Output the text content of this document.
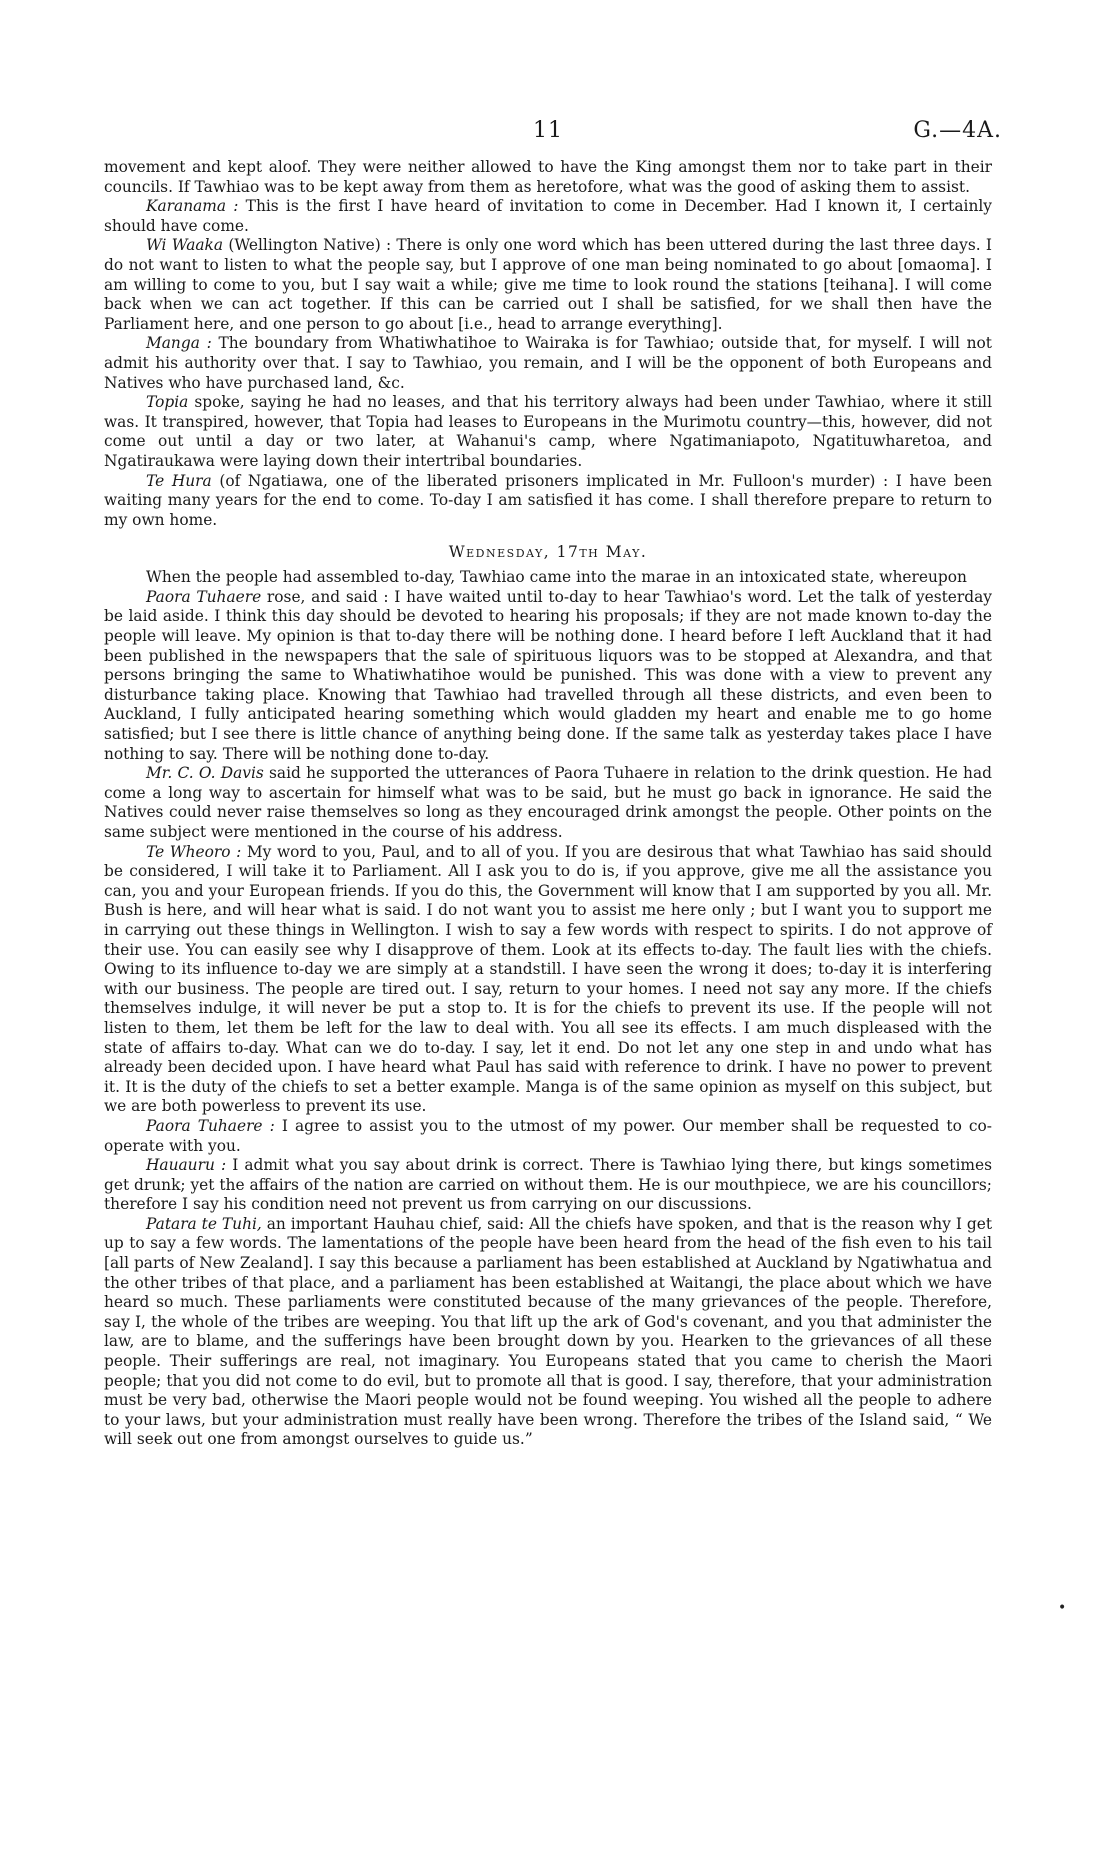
11	G.—4A.

movement and kept aloof. They were neither allowed to have the King amongst them nor to take part in their councils. If Tawhiao was to be kept away from them as heretofore, what was the good of asking them to assist.

Karanama : This is the first I have heard of invitation to come in December. Had I known it, I certainly should have come.

Wi Waaka (Wellington Native) : There is only one word which has been uttered during the last three days. I do not want to listen to what the people say, but I approve of one man being nominated to go about [omaoma]. I am willing to come to you, but I say wait a while; give me time to look round the stations [teihana]. I will come back when we can act together. If this can be carried out I shall be satisfied, for we shall then have the Parliament here, and one person to go about [i.e., head to arrange everything].

Manga : The boundary from Whatiwhatihoe to Wairaka is for Tawhiao; outside that, for myself. I will not admit his authority over that. I say to Tawhiao, you remain, and I will be the opponent of both Europeans and Natives who have purchased land, &c.

Topia spoke, saying he had no leases, and that his territory always had been under Tawhiao, where it still was. It transpired, however, that Topia had leases to Europeans in the Murimotu country—this, however, did not come out until a day or two later, at Wahanui's camp, where Ngatimaniapoto, Ngatituwharetoa, and Ngatiraukawa were laying down their intertribal boundaries.

Te Hura (of Ngatiawa, one of the liberated prisoners implicated in Mr. Fulloon's murder) : I have been waiting many years for the end to come. To-day I am satisfied it has come. I shall therefore prepare to return to my own home.

Wednesday, 17th May.

When the people had assembled to-day, Tawhiao came into the marae in an intoxicated state, whereupon

Paora Tuhaere rose, and said : I have waited until to-day to hear Tawhiao's word. Let the talk of yesterday be laid aside. I think this day should be devoted to hearing his proposals; if they are not made known to-day the people will leave. My opinion is that to-day there will be nothing done. I heard before I left Auckland that it had been published in the newspapers that the sale of spirituous liquors was to be stopped at Alexandra, and that persons bringing the same to Whatiwhatihoe would be punished. This was done with a view to prevent any disturbance taking place. Knowing that Tawhiao had travelled through all these districts, and even been to Auckland, I fully anticipated hearing something which would gladden my heart and enable me to go home satisfied; but I see there is little chance of anything being done. If the same talk as yesterday takes place I have nothing to say. There will be nothing done to-day.

Mr. C. O. Davis said he supported the utterances of Paora Tuhaere in relation to the drink question. He had come a long way to ascertain for himself what was to be said, but he must go back in ignorance. He said the Natives could never raise themselves so long as they encouraged drink amongst the people. Other points on the same subject were mentioned in the course of his address.

Te Wheoro : My word to you, Paul, and to all of you. If you are desirous that what Tawhiao has said should be considered, I will take it to Parliament. All I ask you to do is, if you approve, give me all the assistance you can, you and your European friends. If you do this, the Government will know that I am supported by you all. Mr. Bush is here, and will hear what is said. I do not want you to assist me here only ; but I want you to support me in carrying out these things in Wellington. I wish to say a few words with respect to spirits. I do not approve of their use. You can easily see why I disapprove of them. Look at its effects to-day. The fault lies with the chiefs. Owing to its influence to-day we are simply at a standstill. I have seen the wrong it does; to-day it is interfering with our business. The people are tired out. I say, return to your homes. I need not say any more. If the chiefs themselves indulge, it will never be put a stop to. It is for the chiefs to prevent its use. If the people will not listen to them, let them be left for the law to deal with. You all see its effects. I am much displeased with the state of affairs to-day. What can we do to-day. I say, let it end. Do not let any one step in and undo what has already been decided upon. I have heard what Paul has said with reference to drink. I have no power to prevent it. It is the duty of the chiefs to set a better example. Manga is of the same opinion as myself on this subject, but we are both powerless to prevent its use.

Paora Tuhaere : I agree to assist you to the utmost of my power. Our member shall be requested to co-operate with you.

Hauauru : I admit what you say about drink is correct. There is Tawhiao lying there, but kings sometimes get drunk; yet the affairs of the nation are carried on without them. He is our mouthpiece, we are his councillors; therefore I say his condition need not prevent us from carrying on our discussions.

Patara te Tuhi, an important Hauhau chief, said: All the chiefs have spoken, and that is the reason why I get up to say a few words. The lamentations of the people have been heard from the head of the fish even to his tail [all parts of New Zealand]. I say this because a parliament has been established at Auckland by Ngatiwhatua and the other tribes of that place, and a parliament has been established at Waitangi, the place about which we have heard so much. These parliaments were constituted because of the many grievances of the people. Therefore, say I, the whole of the tribes are weeping. You that lift up the ark of God's covenant, and you that administer the law, are to blame, and the sufferings have been brought down by you. Hearken to the grievances of all these people. Their sufferings are real, not imaginary. You Europeans stated that you came to cherish the Maori people; that you did not come to do evil, but to promote all that is good. I say, therefore, that your administration must be very bad, otherwise the Maori people would not be found weeping. You wished all the people to adhere to your laws, but your administration must really have been wrong. Therefore the tribes of the Island said, “ We will seek out one from amongst ourselves to guide us.”

•
